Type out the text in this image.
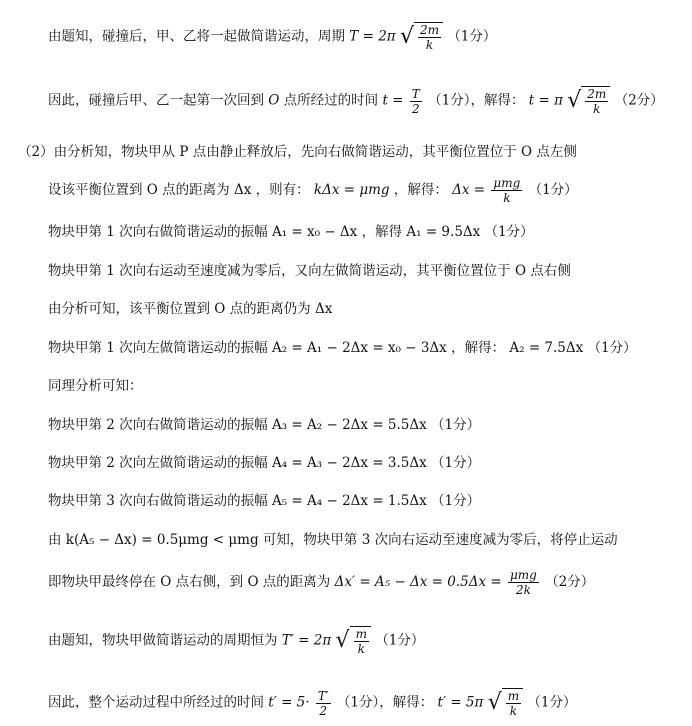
由题知，碰撞后，甲、乙将一起做简谐运动，周期 T = 2π √ $\frac{2m}{k} (1$分）
因此，碰撞后甲、乙一起第一次回到 O 点所经过的时间 $t = \frac{T}{2} (1$分），解得： t = π √ $\frac{2m}{k} (2$分）
（2）由分析知，物块甲从 P 点由静止释放后，先向右做简谐运动，其平衡位置位于 O 点左侧
设该平衡位置到 O 点的距离为 Δx ，则有： kΔx = μmg ，解得： $\Delta x = \frac{\text{μmg}}{k} (1$分）
物块甲第 1 次向右做简谐运动的振幅 A₁ = x₀ − Δx ，解得 A₁ = 9.5Δx （1分）
物块甲第 1 次向右运动至速度减为零后，又向左做简谐运动，其平衡位置位于 O 点右侧
由分析可知，该平衡位置到 O 点的距离仍为 Δx
物块甲第 1 次向左做简谐运动的振幅 A₂ = A₁ − 2Δx = x₀ − 3Δx ，解得： A₂ = 7.5Δx （1分）
同理分析可知：
物块甲第 2 次向右做简谐运动的振幅 A₃ = A₂ − 2Δx = 5.5Δx （1分）
物块甲第 2 次向左做简谐运动的振幅 A₄ = A₃ − 2Δx = 3.5Δx （1分）
物块甲第 3 次向右做简谐运动的振幅 A₅ = A₄ − 2Δx = 1.5Δx （1分）
由 k(A₅ − Δx) = 0.5μmg < μmg 可知，物块甲第 3 次向右运动至速度减为零后，将停止运动
即物块甲最终停在 O 点右侧，到 O 点的距离为 $\Delta x' = A_5 - \Delta x = 0.5\Delta x = \frac{\text{μmg}}{2k} (2$分）
由题知，物块甲做简谐运动的周期恒为 T′ = 2π √ $\frac{m}{k} (1$分）
因此，整个运动过程中所经过的时间 $t' = 5\cdot \frac{T'}{2} (1$分），解得： t′ = 5π √ $\frac{m}{k} (1$分）
